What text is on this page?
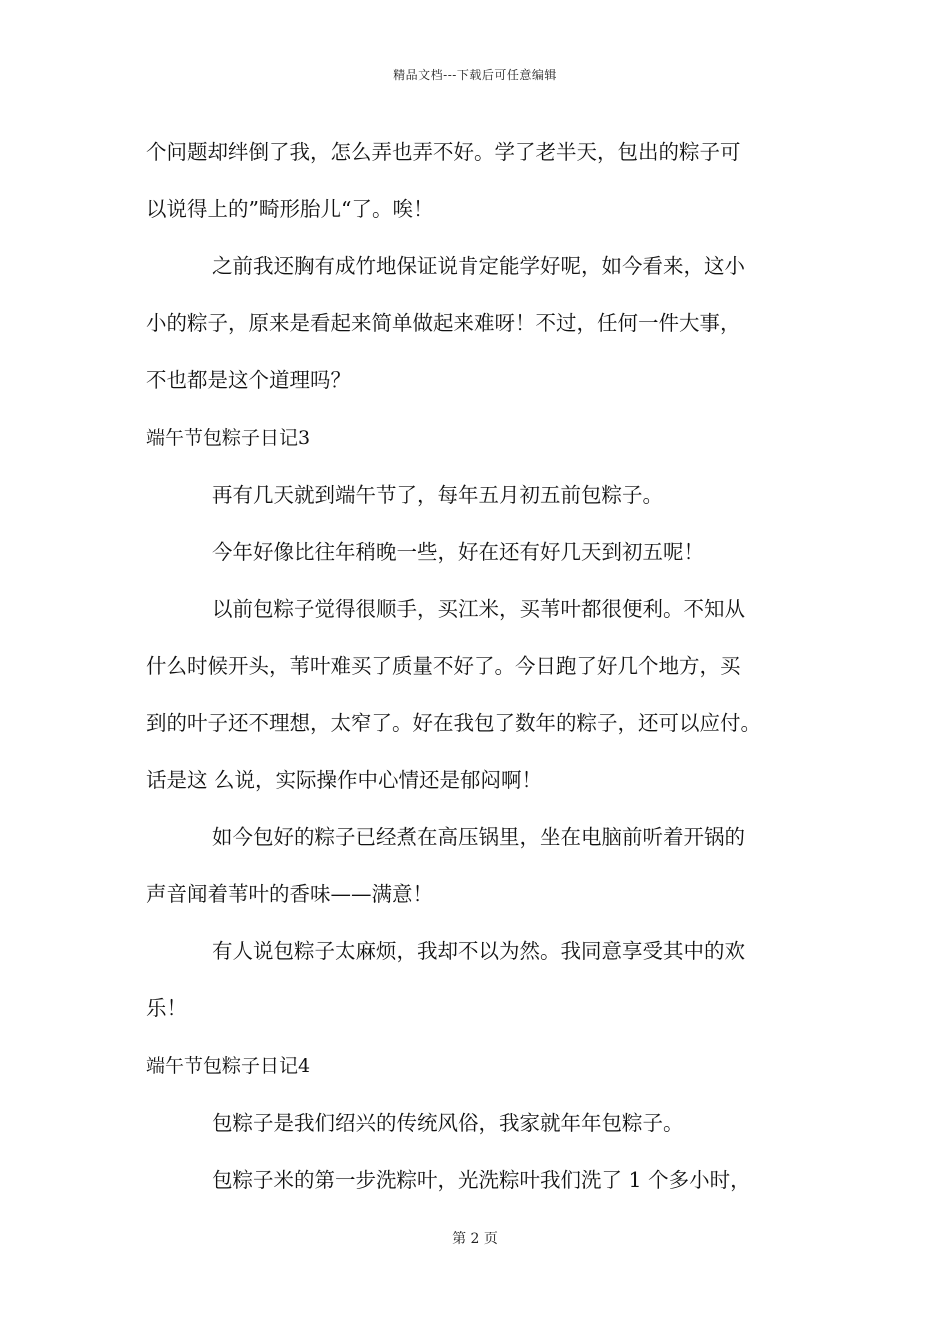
精品文档---下载后可任意编辑
个问题却绊倒了我，怎么弄也弄不好。学了老半天，包出的粽子可
以说得上的”畸形胎儿“了。唉！
之前我还胸有成竹地保证说肯定能学好呢，如今看来，这小
小的粽子，原来是看起来简单做起来难呀！不过，任何一件大事，
不也都是这个道理吗？
端午节包粽子日记3
再有几天就到端午节了，每年五月初五前包粽子。
今年好像比往年稍晚一些，好在还有好几天到初五呢！
以前包粽子觉得很顺手，买江米，买苇叶都很便利。不知从
什么时候开头，苇叶难买了质量不好了。今日跑了好几个地方，买
到的叶子还不理想，太窄了。好在我包了数年的粽子，还可以应付。
话是这 么说，实际操作中心情还是郁闷啊！
如今包好的粽子已经煮在高压锅里，坐在电脑前听着开锅的
声音闻着苇叶的香味——满意！
有人说包粽子太麻烦，我却不以为然。我同意享受其中的欢
乐！
端午节包粽子日记4
包粽子是我们绍兴的传统风俗，我家就年年包粽子。
包粽子米的第一步洗粽叶，光洗粽叶我们洗了 1 个多小时，
第 2 页
